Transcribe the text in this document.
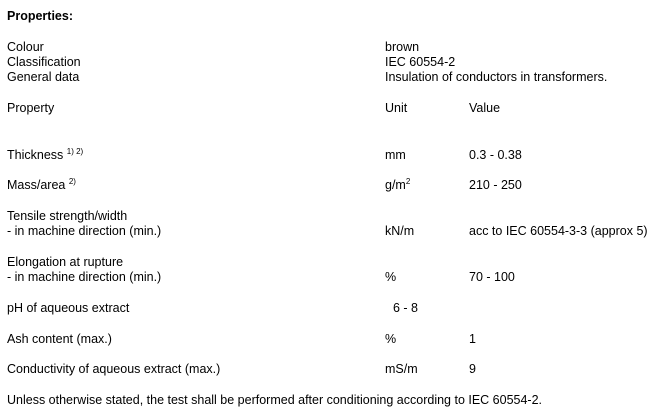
Properties:
Colour	brown
Classification	IEC 60554-2
General data	Insulation of conductors in transformers.
Property	Unit	Value
Thickness $^{1) 2)}$	mm	0.3 - 0.38
Mass/area $^{2)}$	$g/m^2$	210 - 250
Tensile strength/width
- in machine direction (min.)	kN/m	acc to IEC 60554-3-3 (approx 5)
Elongation at rupture
- in machine direction (min.)	%	70 - 100
pH of aqueous extract	6 - 8
Ash content (max.)	%	1
Conductivity of aqueous extract (max.)	mS/m	9
Unless otherwise stated, the test shall be performed after conditioning according to IEC 60554-2.
